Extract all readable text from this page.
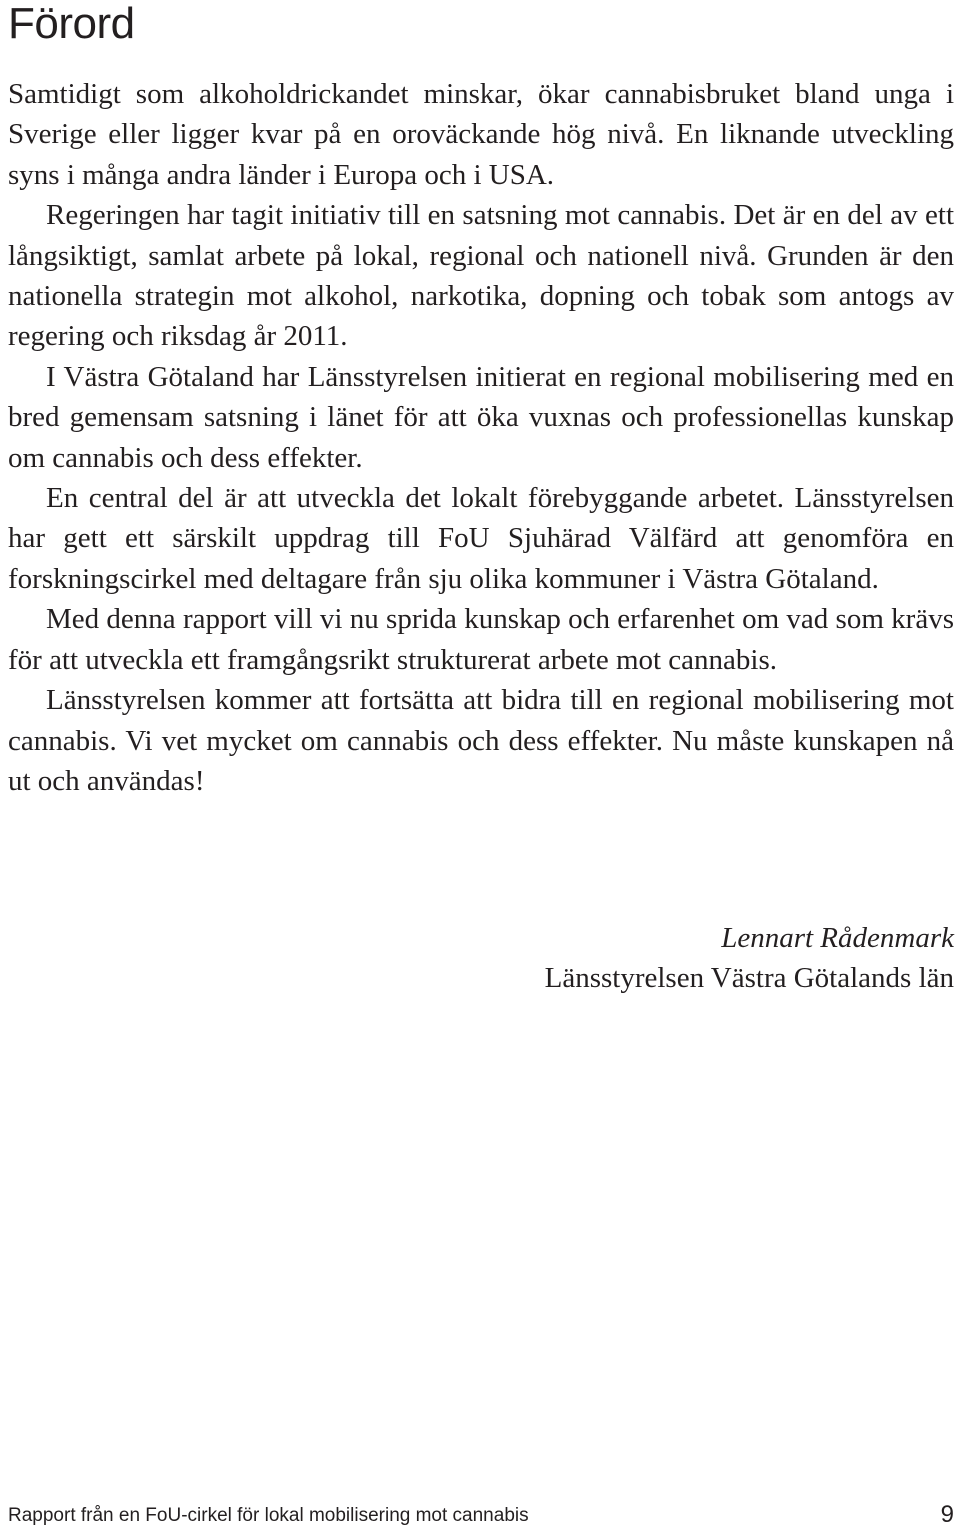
Förord

Samtidigt som alkoholdrickandet minskar, ökar cannabisbruket bland unga i Sverige eller ligger kvar på en oroväckande hög nivå. En liknande utveckling syns i många andra länder i Europa och i USA.

Regeringen har tagit initiativ till en satsning mot cannabis. Det är en del av ett långsiktigt, samlat arbete på lokal, regional och nationell nivå. Grunden är den nationella strategin mot alkohol, narkotika, dopning och tobak som antogs av regering och riksdag år 2011.

I Västra Götaland har Länsstyrelsen initierat en regional mobilisering med en bred gemensam satsning i länet för att öka vuxnas och professionellas kunskap om cannabis och dess effekter.

En central del är att utveckla det lokalt förebyggande arbetet. Länsstyrelsen har gett ett särskilt uppdrag till FoU Sjuhärad Välfärd att genomföra en forskningscirkel med deltagare från sju olika kommuner i Västra Götaland.

Med denna rapport vill vi nu sprida kunskap och erfarenhet om vad som krävs för att utveckla ett framgångsrikt strukturerat arbete mot cannabis.

Länsstyrelsen kommer att fortsätta att bidra till en regional mobilisering mot cannabis. Vi vet mycket om cannabis och dess effekter. Nu måste kunskapen nå ut och användas!

Lennart Rådenmark
Länsstyrelsen Västra Götalands län
Rapport från en FoU-cirkel för lokal mobilisering mot cannabis	9
